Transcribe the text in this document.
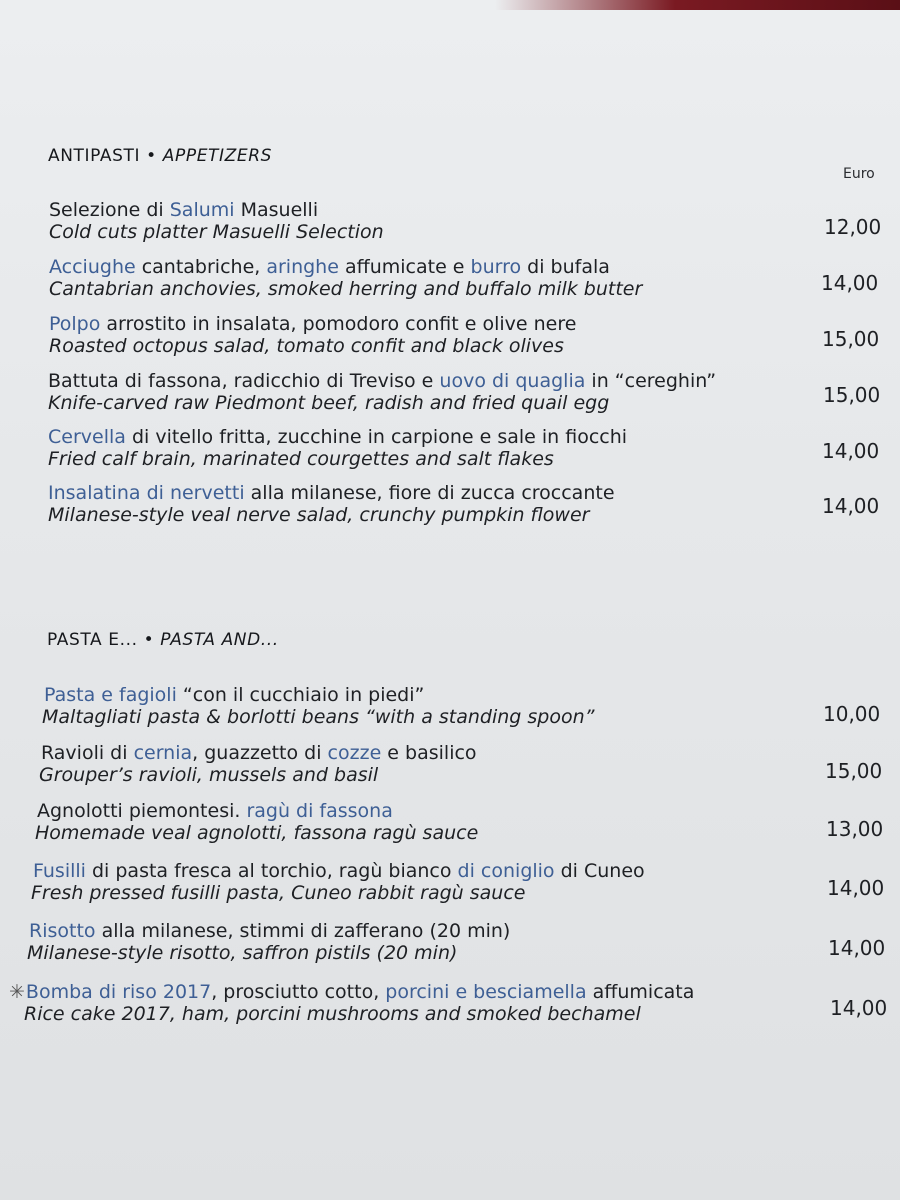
ANTIPASTI • APPETIZERS
Euro
Selezione di Salumi Masuelli
Cold cuts platter Masuelli Selection	12,00
Acciughe cantabriche, aringhe affumicate e burro di bufala
Cantabrian anchovies, smoked herring and buffalo milk butter	14,00
Polpo arrostito in insalata, pomodoro confit e olive nere
Roasted octopus salad, tomato confit and black olives	15,00
Battuta di fassona, radicchio di Treviso e uovo di quaglia in “cereghin”
Knife-carved raw Piedmont beef, radish and fried quail egg	15,00
Cervella di vitello fritta, zucchine in carpione e sale in fiocchi
Fried calf brain, marinated courgettes and salt flakes	14,00
Insalatina di nervetti alla milanese, fiore di zucca croccante
Milanese-style veal nerve salad, crunchy pumpkin flower	14,00
PASTA E... • PASTA AND...
Pasta e fagioli “con il cucchiaio in piedi”
Maltagliati pasta & borlotti beans “with a standing spoon”	10,00
Ravioli di cernia, guazzetto di cozze e basilico
Grouper’s ravioli, mussels and basil	15,00
Agnolotti piemontesi. ragù di fassona
Homemade veal agnolotti, fassona ragù sauce	13,00
Fusilli di pasta fresca al torchio, ragù bianco di coniglio di Cuneo
Fresh pressed fusilli pasta, Cuneo rabbit ragù sauce	14,00
Risotto alla milanese, stimmi di zafferano (20 min)
Milanese-style risotto, saffron pistils (20 min)	14,00
✳Bomba di riso 2017, prosciutto cotto, porcini e besciamella affumicata
Rice cake 2017, ham, porcini mushrooms and smoked bechamel	14,00
